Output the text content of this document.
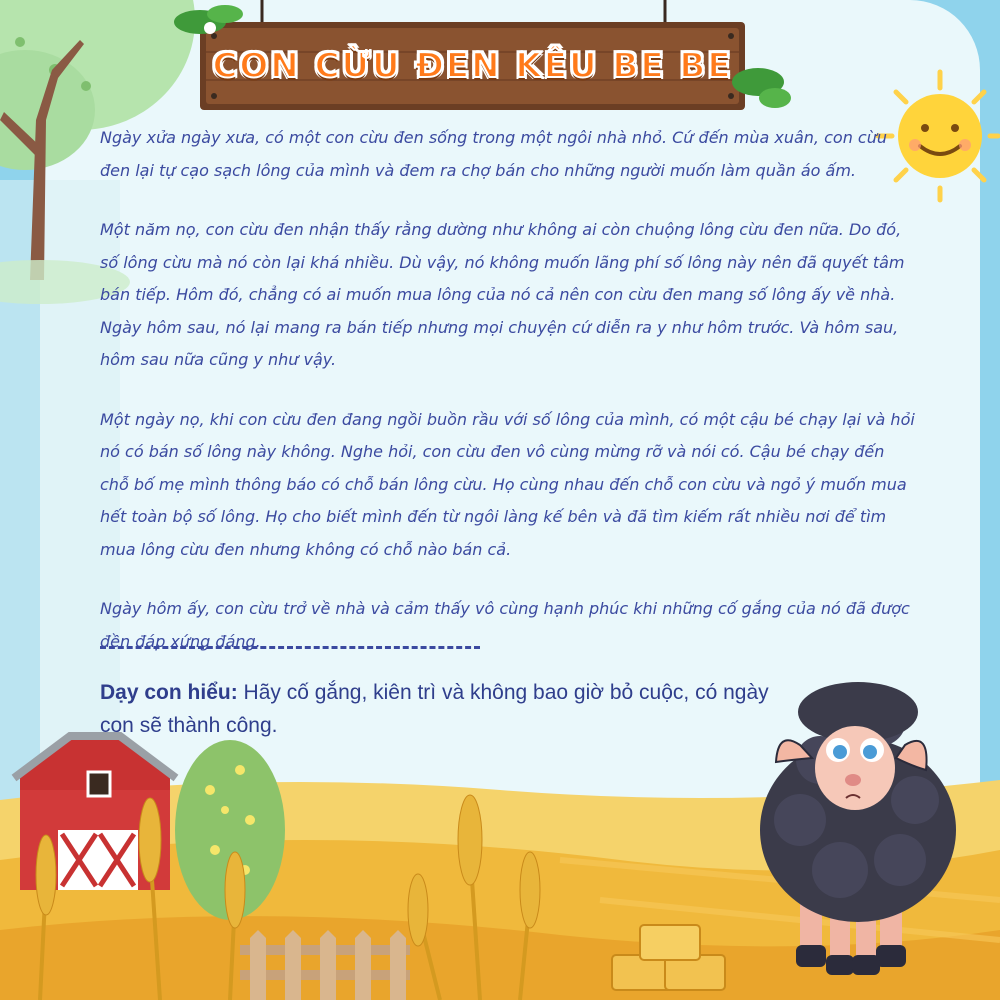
CON CỪU ĐEN KÊU BE BE

Ngày xửa ngày xưa, có một con cừu đen sống trong một ngôi nhà nhỏ. Cứ đến mùa xuân, con cừu đen lại tự cạo sạch lông của mình và đem ra chợ bán cho những người muốn làm quần áo ấm.

Một năm nọ, con cừu đen nhận thấy rằng dường như không ai còn chuộng lông cừu đen nữa. Do đó, số lông cừu mà nó còn lại khá nhiều. Dù vậy, nó không muốn lãng phí số lông này nên đã quyết tâm bán tiếp. Hôm đó, chẳng có ai muốn mua lông của nó cả nên con cừu đen mang số lông ấy về nhà. Ngày hôm sau, nó lại mang ra bán tiếp nhưng mọi chuyện cứ diễn ra y như hôm trước. Và hôm sau, hôm sau nữa cũng y như vậy.

Một ngày nọ, khi con cừu đen đang ngồi buồn rầu với số lông của mình, có một cậu bé chạy lại và hỏi nó có bán số lông này không. Nghe hỏi, con cừu đen vô cùng mừng rỡ và nói có. Cậu bé chạy đến chỗ bố mẹ mình thông báo có chỗ bán lông cừu. Họ cùng nhau đến chỗ con cừu và ngỏ ý muốn mua hết toàn bộ số lông. Họ cho biết mình đến từ ngôi làng kế bên và đã tìm kiếm rất nhiều nơi để tìm mua lông cừu đen nhưng không có chỗ nào bán cả.

Ngày hôm ấy, con cừu trở về nhà và cảm thấy vô cùng hạnh phúc khi những cố gắng của nó đã được đền đáp xứng đáng.

Dạy con hiểu: Hãy cố gắng, kiên trì và không bao giờ bỏ cuộc, có ngày con sẽ thành công.
